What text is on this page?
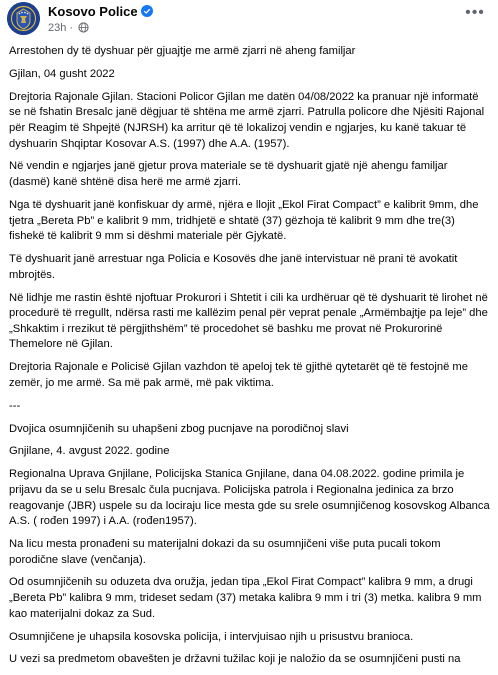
Kosovo Police
23h ·
•••

Arrestohen dy të dyshuar për gjuajtje me armë zjarri në aheng familjar

Gjilan, 04 gusht 2022

Drejtoria Rajonale Gjilan. Stacioni Policor Gjilan me datën 04/08/2022 ka pranuar një informatë se në fshatin Bresalc janë dëgjuar të shtëna me armë zjarri. Patrulla policore dhe Njësiti Rajonal për Reagim të Shpejtë (NJRSH) ka arritur që të lokalizoj vendin e ngjarjes, ku kanë takuar të dyshuarin Shqiptar Kosovar A.S. (1997) dhe A.A. (1957).

Në vendin e ngjarjes janë gjetur prova materiale se të dyshuarit gjatë një ahengu familjar (dasmë) kanë shtënë disa herë me armë zjarri.

Nga të dyshuarit janë konfiskuar dy armë, njëra e llojit „Ekol Firat Compact” e kalibrit 9mm, dhe tjetra „Bereta Pb” e kalibrit 9 mm, tridhjetë e shtatë (37) gëzhoja të kalibrit 9 mm dhe tre(3) fishekë të kalibrit 9 mm si dëshmi materiale për Gjykatë.

Të dyshuarit janë arrestuar nga Policia e Kosovës dhe janë intervistuar në prani të avokatit mbrojtës.

Në lidhje me rastin është njoftuar Prokurori i Shtetit i cili ka urdhëruar që të dyshuarit të lirohet në procedurë të rregullt, ndërsa rasti me kallëzim penal për veprat penale „Armëmbajtje pa leje” dhe „Shkaktim i rrezikut të përgjithshëm” të procedohet së bashku me provat në Prokurorinë Themelore në Gjilan.

Drejtoria Rajonale e Policisë Gjilan vazhdon të apeloj tek të gjithë qytetarët që të festojnë me zemër, jo me armë. Sa më pak armë, më pak viktima.

---

Dvojica osumnjičenih su uhapšeni zbog pucnjave na porodičnoj slavi

Gnjilane, 4. avgust 2022. godine

Regionalna Uprava Gnjilane, Policijska Stanica Gnjilane, dana 04.08.2022. godine primila je prijavu da se u selu Bresalc čula pucnjava. Policijska patrola i Regionalna jedinica za brzo reagovanje (JBR) uspele su da lociraju lice mesta gde su srele osumnjičenog kosovskog Albanca A.S. ( rođen 1997) i A.A. (rođen1957).

Na licu mesta pronađeni su materijalni dokazi da su osumnjičeni više puta pucali tokom porodične slave (venčanja).

Od osumnjičenih su oduzeta dva oružja, jedan tipa „Ekol Firat Compact” kalibra 9 mm, a drugi „Bereta Pb” kalibra 9 mm, trideset sedam (37) metaka kalibra 9 mm i tri (3) metka. kalibra 9 mm kao materijalni dokaz za Sud.

Osumnjičene je uhapsila kosovska policija, i intervjuisao njih u prisustvu branioca.

U vezi sa predmetom obavešten je državni tužilac koji je naložio da se osumnjičeni pusti na
